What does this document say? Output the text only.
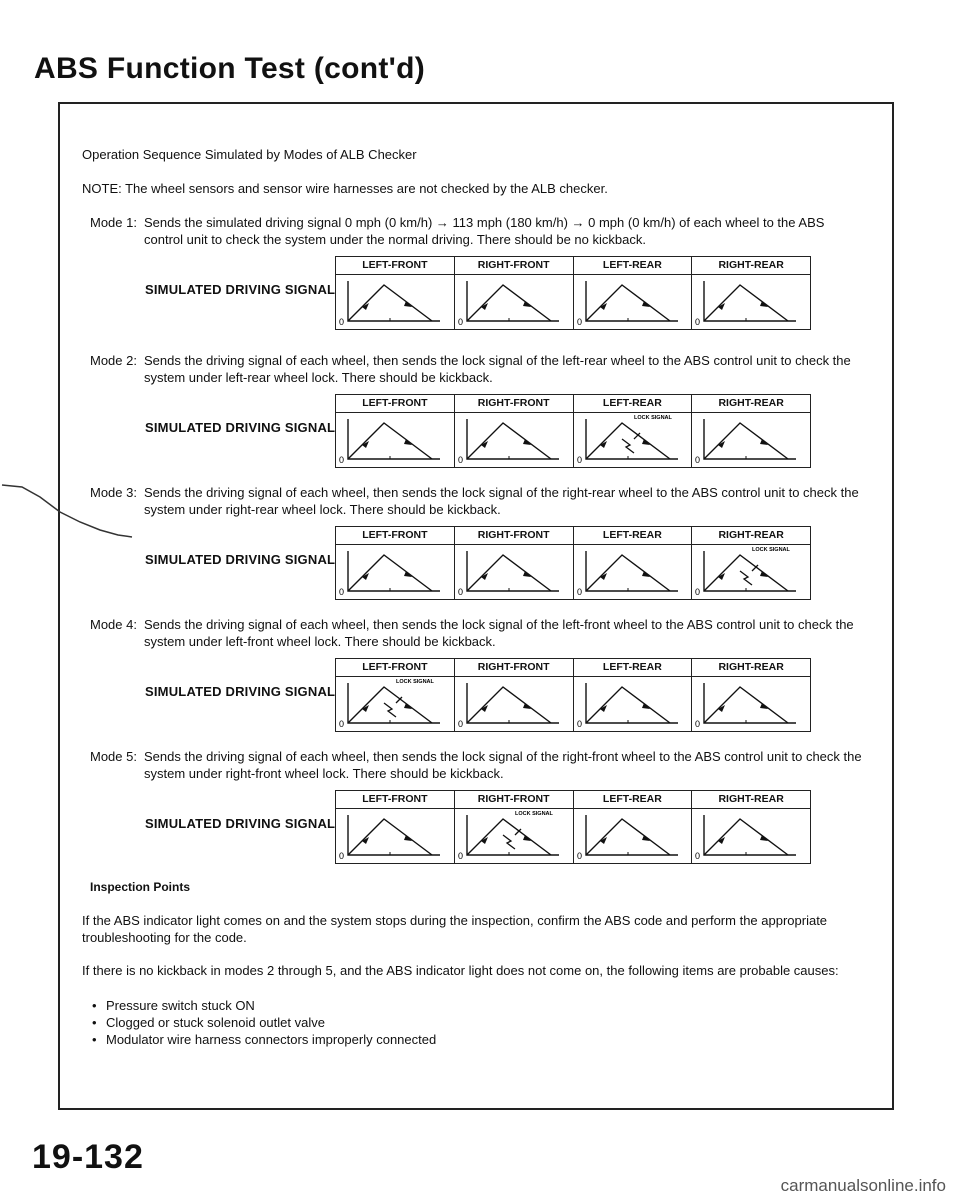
ABS Function Test (cont'd)
Operation Sequence Simulated by Modes of ALB Checker
NOTE: The wheel sensors and sensor wire harnesses are not checked by the ALB checker.
Mode 1: Sends the simulated driving signal 0 mph (0 km/h) → 113 mph (180 km/h) → 0 mph (0 km/h) of each wheel to the ABS control unit to check the system under the normal driving. There should be no kickback.
SIMULATED DRIVING SIGNAL
LEFT-FRONT
0
RIGHT-FRONT
0
LEFT-REAR
0
RIGHT-REAR
0
Mode 2: Sends the driving signal of each wheel, then sends the lock signal of the left-rear wheel to the ABS control unit to check the system under left-rear wheel lock. There should be kickback.
SIMULATED DRIVING SIGNAL
LEFT-FRONT
0
RIGHT-FRONT
0
LEFT-REAR
0
LOCK SIGNAL
RIGHT-REAR
0
Mode 3: Sends the driving signal of each wheel, then sends the lock signal of the right-rear wheel to the ABS control unit to check the system under right-rear wheel lock. There should be kickback.
SIMULATED DRIVING SIGNAL
LEFT-FRONT
0
RIGHT-FRONT
0
LEFT-REAR
0
RIGHT-REAR
0
LOCK SIGNAL
Mode 4: Sends the driving signal of each wheel, then sends the lock signal of the left-front wheel to the ABS control unit to check the system under left-front wheel lock. There should be kickback.
SIMULATED DRIVING SIGNAL
LEFT-FRONT
0
LOCK SIGNAL
RIGHT-FRONT
0
LEFT-REAR
0
RIGHT-REAR
0
Mode 5: Sends the driving signal of each wheel, then sends the lock signal of the right-front wheel to the ABS control unit to check the system under right-front wheel lock. There should be kickback.
SIMULATED DRIVING SIGNAL
LEFT-FRONT
0
RIGHT-FRONT
0
LOCK SIGNAL
LEFT-REAR
0
RIGHT-REAR
0
Inspection Points
If the ABS indicator light comes on and the system stops during the inspection, confirm the ABS code and perform the appropriate troubleshooting for the code.
If there is no kickback in modes 2 through 5, and the ABS indicator light does not come on, the following items are probable causes:
• Pressure switch stuck ON
• Clogged or stuck solenoid outlet valve
• Modulator wire harness connectors improperly connected
19-132
carmanualsonline.info
